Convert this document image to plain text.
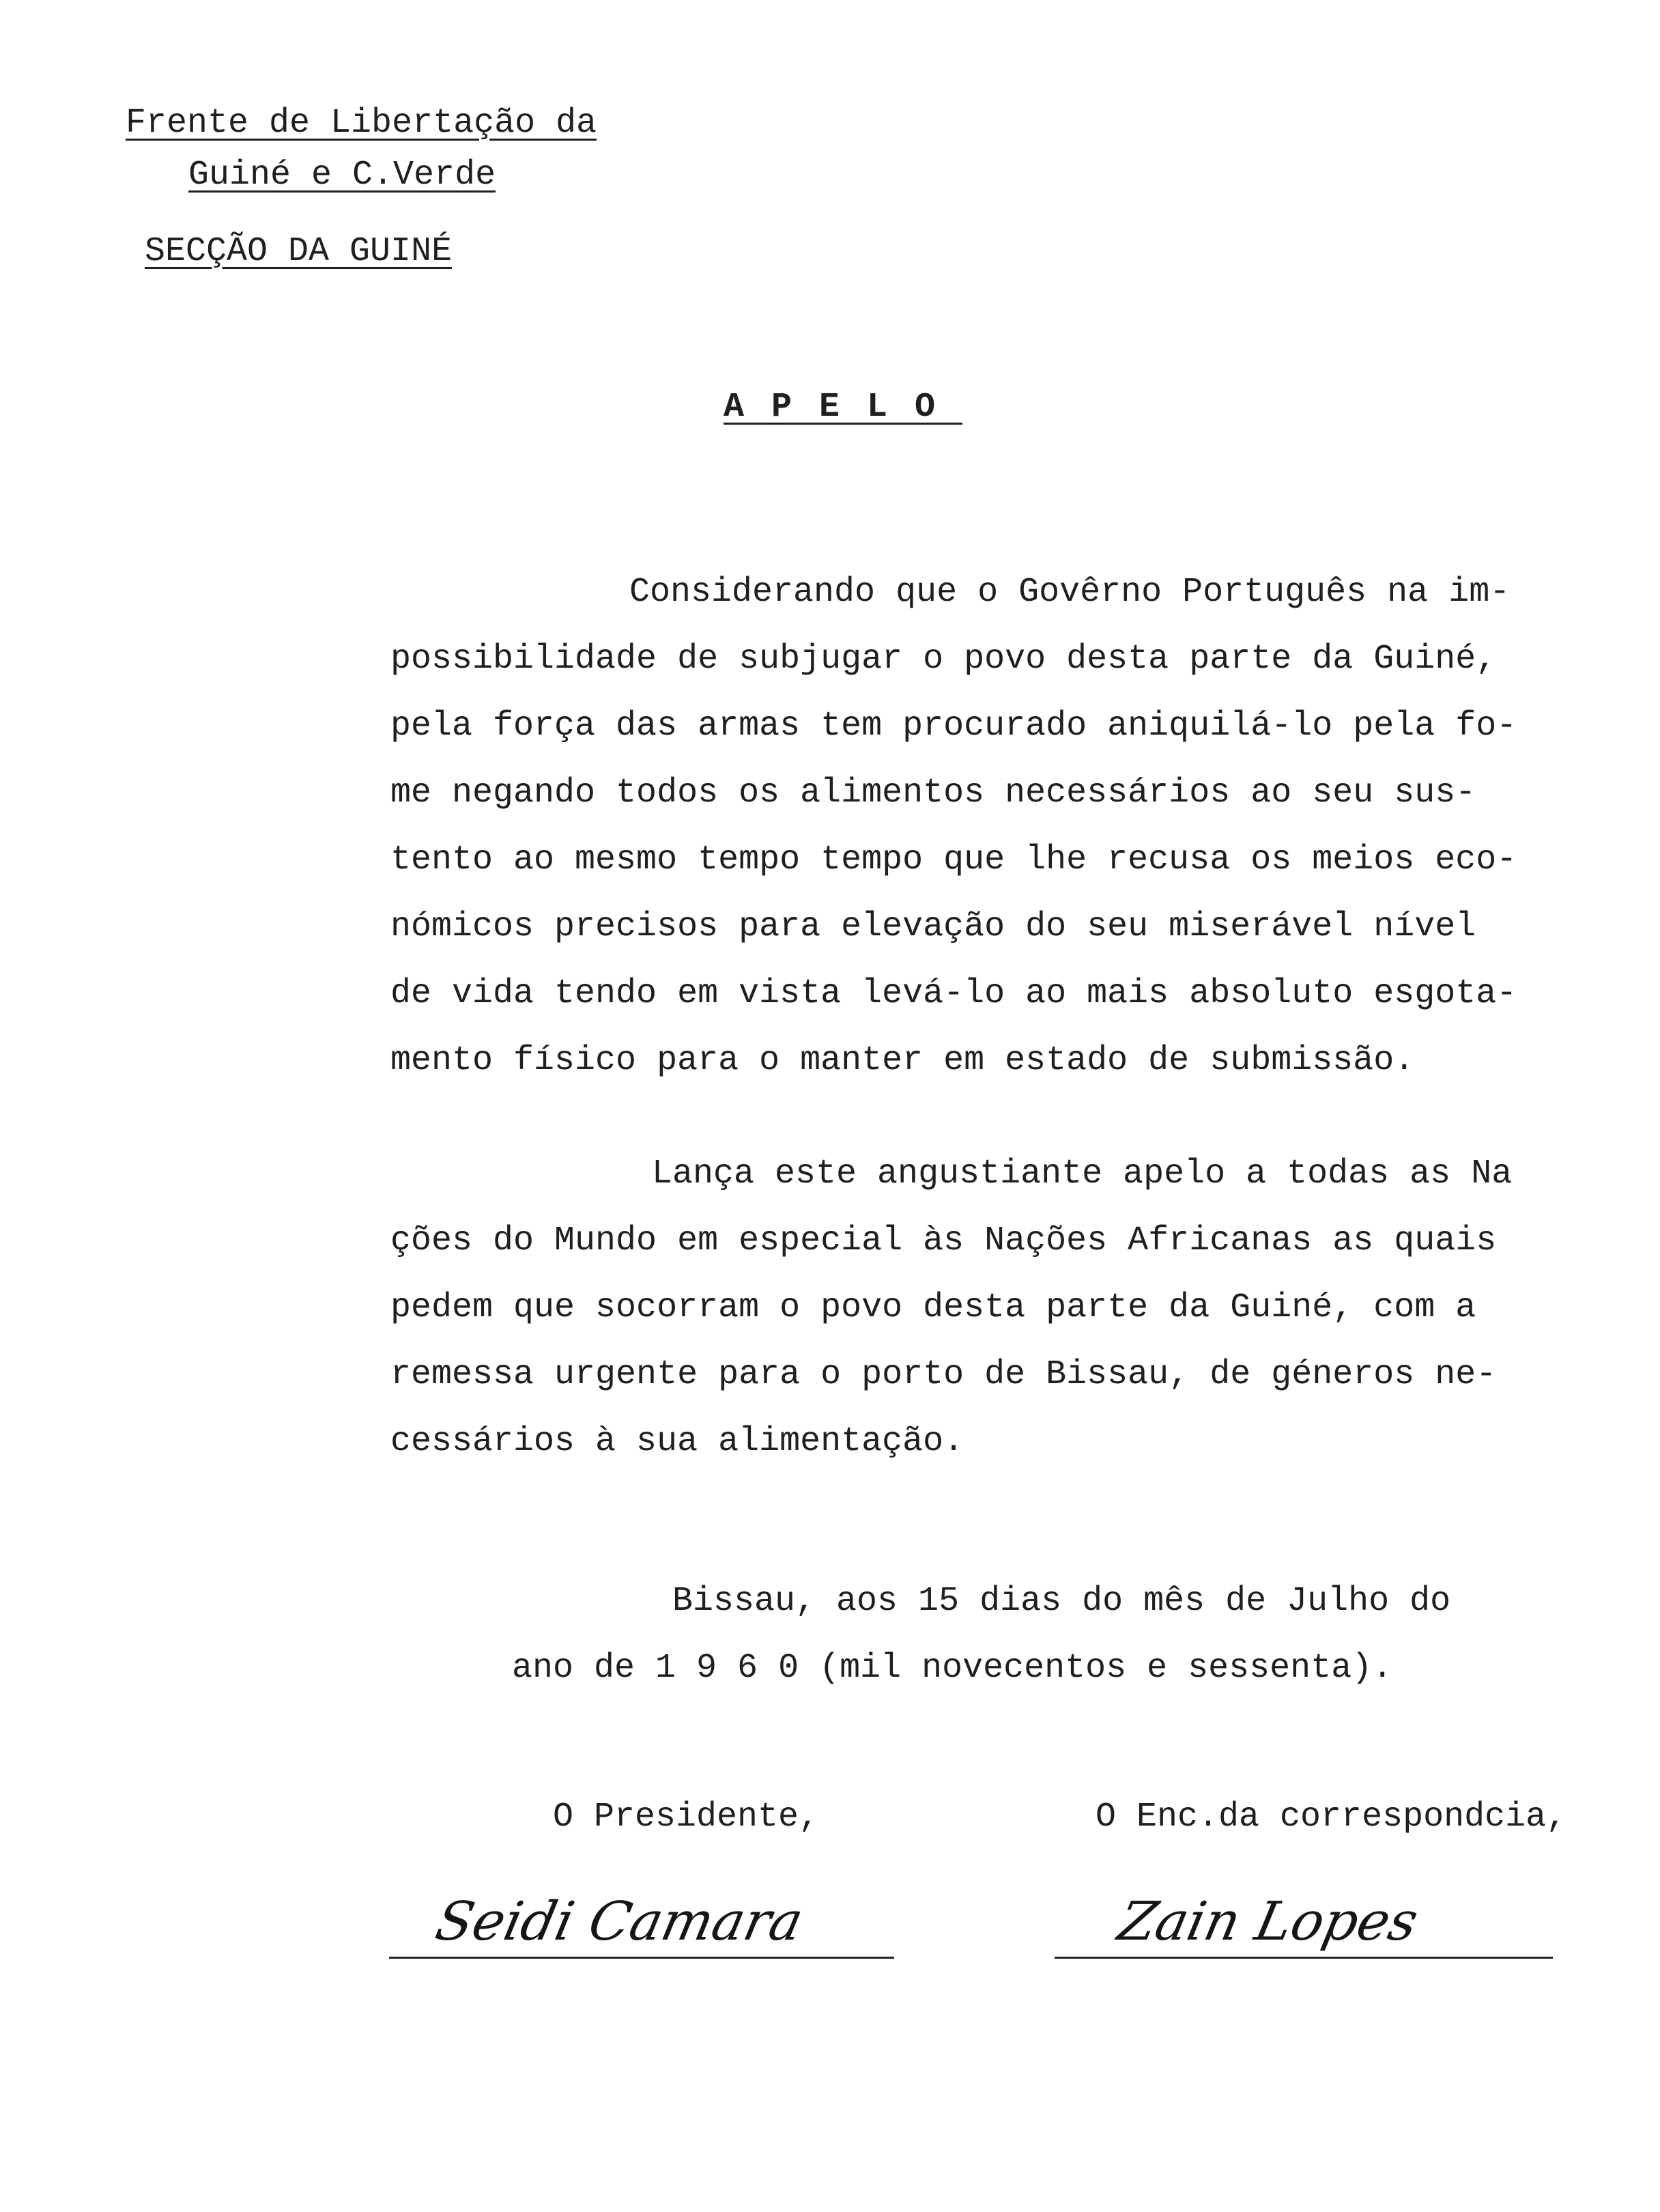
Frente de Libertação da

Guiné e C.Verde

SECÇÃO DA GUINÉ

APELO
Considerando que o Govêrno Português na im-
possibilidade de subjugar o povo desta parte da Guiné,
pela força das armas tem procurado aniquilá-lo pela fo-
me negando todos os alimentos necessários ao seu sus-
tento ao mesmo tempo tempo que lhe recusa os meios eco-
nómicos precisos para elevação do seu miserável nível
de vida tendo em vista levá-lo ao mais absoluto esgota-
mento físico para o manter em estado de submissão.
Lança este angustiante apelo a todas as Na
ções do Mundo em especial às Nações Africanas as quais
pedem que socorram o povo desta parte da Guiné, com a
remessa urgente para o porto de Bissau, de géneros ne-
cessários à sua alimentação.
Bissau, aos 15 dias do mês de Julho do
ano de 1 9 6 0 (mil novecentos e sessenta).
O Presidente,	O Enc.da correspondcia,
Seidi Camara	Zain Lopes
